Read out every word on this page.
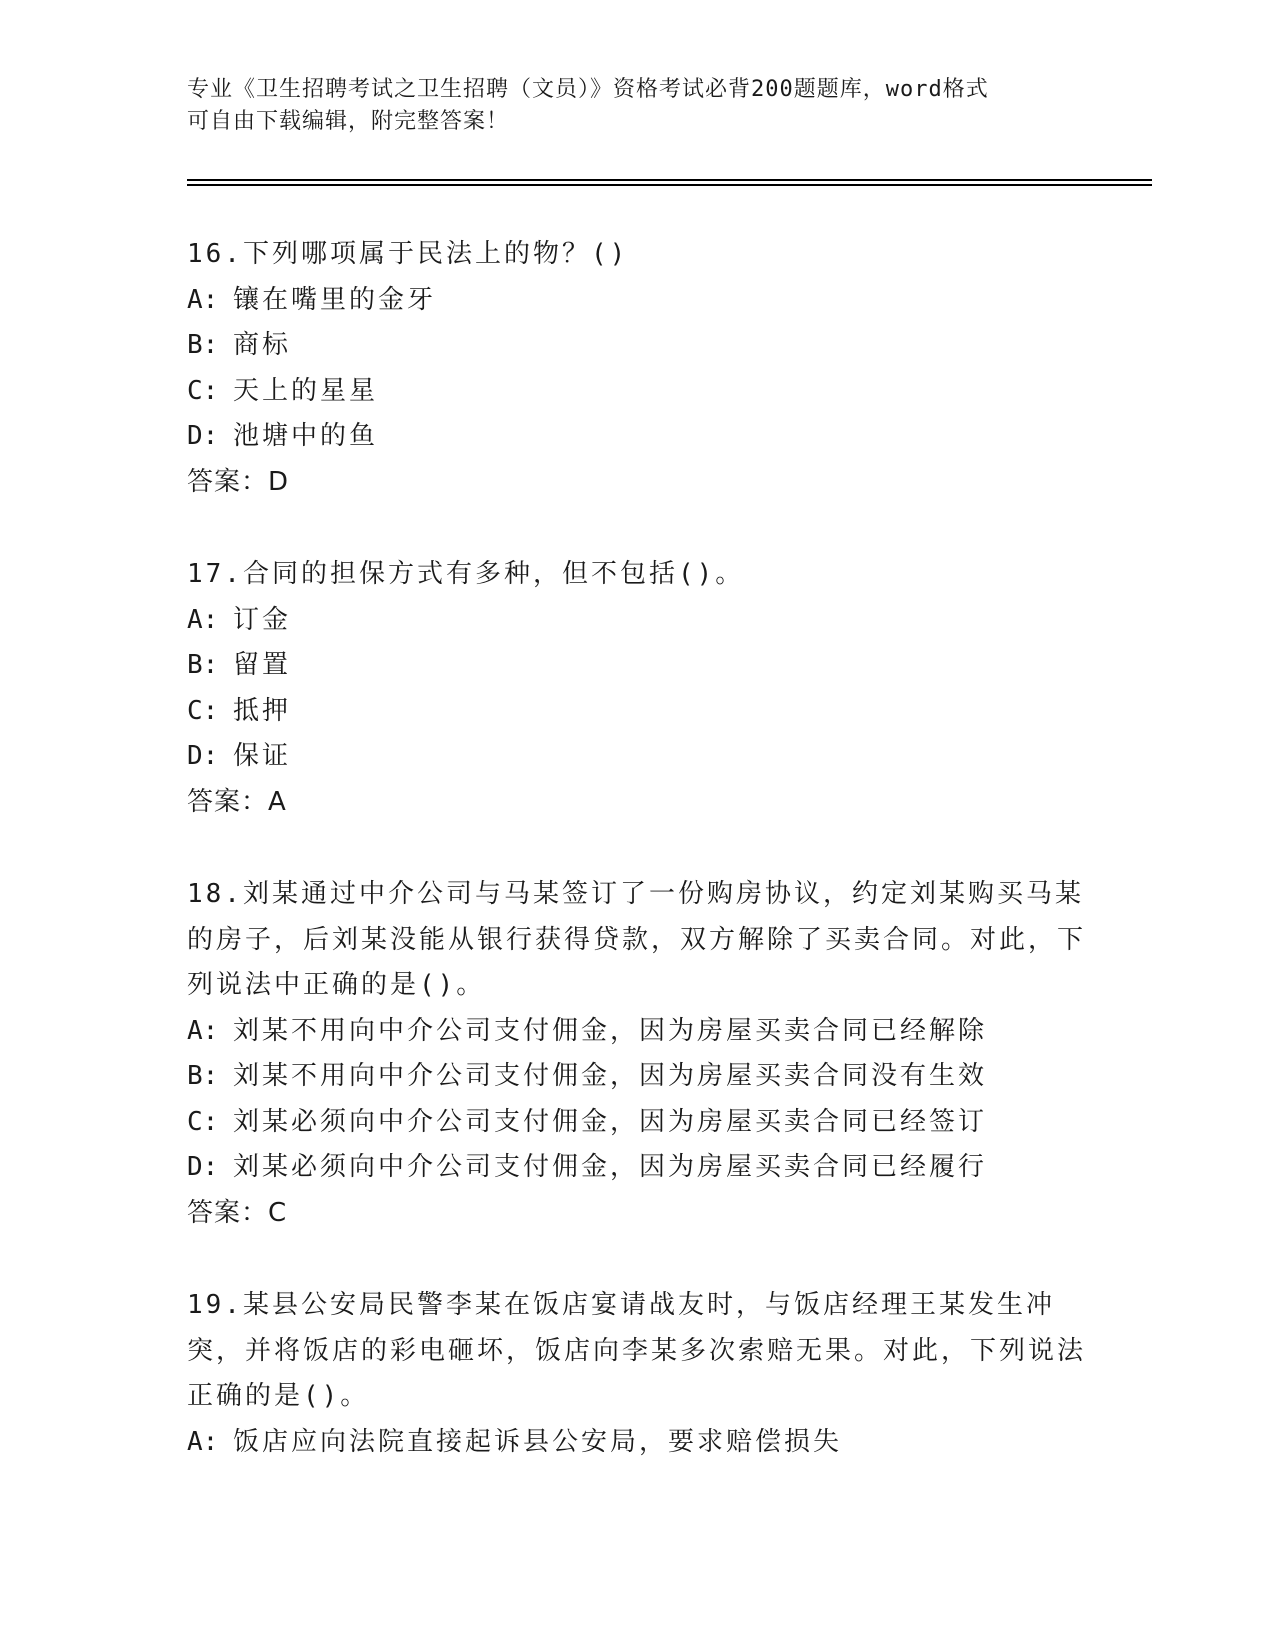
专业《卫生招聘考试之卫生招聘（文员）》资格考试必背200题题库，word格式
可自由下载编辑，附完整答案！
16.下列哪项属于民法上的物？()
A: 镶在嘴里的金牙
B: 商标
C: 天上的星星
D: 池塘中的鱼
答案：D
17.合同的担保方式有多种，但不包括()。
A: 订金
B: 留置
C: 抵押
D: 保证
答案：A
18.刘某通过中介公司与马某签订了一份购房协议，约定刘某购买马某的房子，后刘某没能从银行获得贷款，双方解除了买卖合同。对此，下列说法中正确的是()。
A: 刘某不用向中介公司支付佣金，因为房屋买卖合同已经解除
B: 刘某不用向中介公司支付佣金，因为房屋买卖合同没有生效
C: 刘某必须向中介公司支付佣金，因为房屋买卖合同已经签订
D: 刘某必须向中介公司支付佣金，因为房屋买卖合同已经履行
答案：C
19.某县公安局民警李某在饭店宴请战友时，与饭店经理王某发生冲突，并将饭店的彩电砸坏，饭店向李某多次索赔无果。对此，下列说法正确的是()。
A: 饭店应向法院直接起诉县公安局，要求赔偿损失
